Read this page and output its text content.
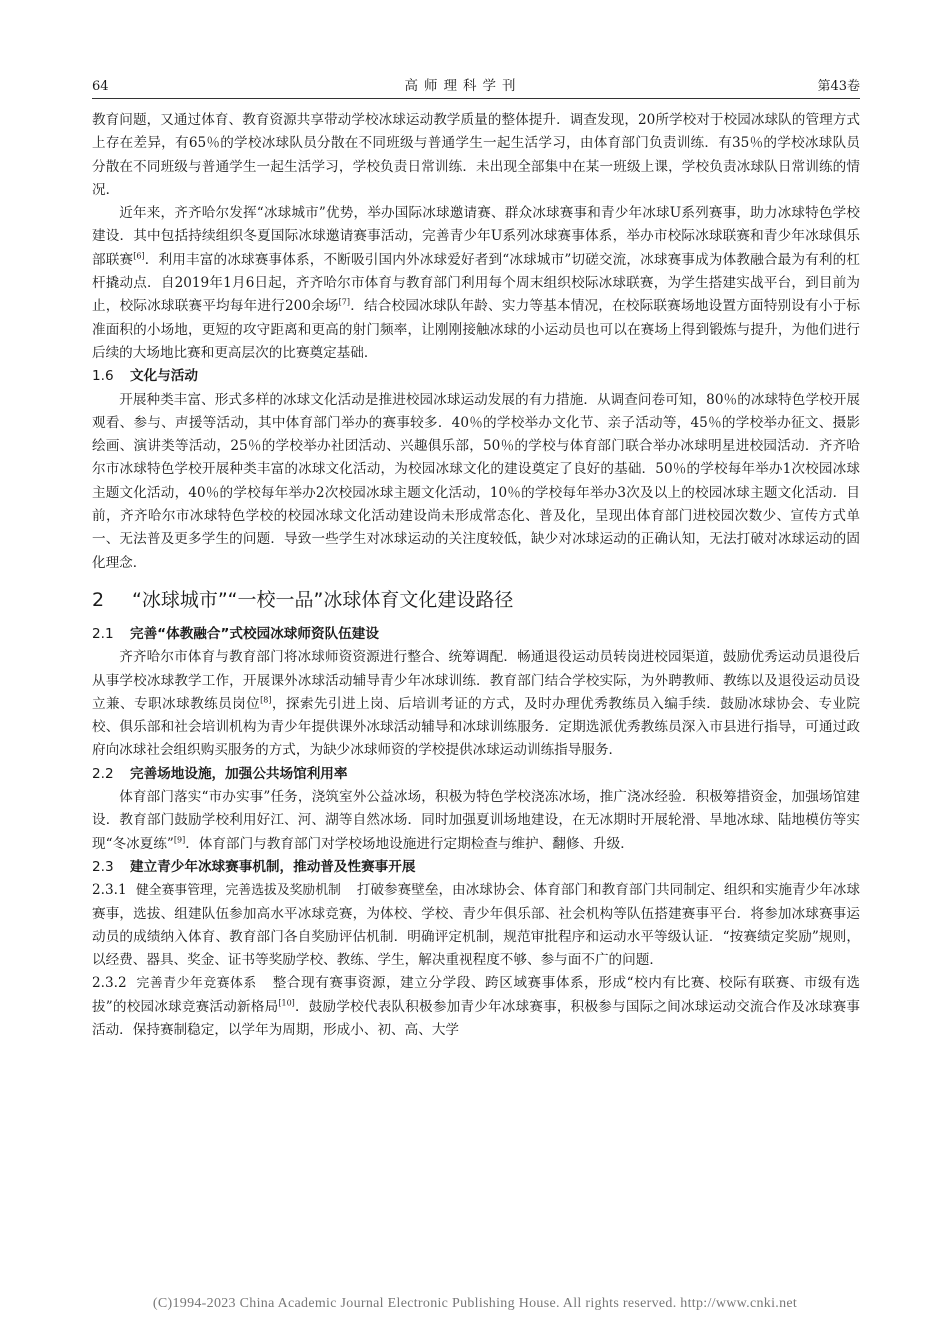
64	高师理科学刊	第43卷

教育问题，又通过体育、教育资源共享带动学校冰球运动教学质量的整体提升．调查发现，20所学校对于校园冰球队的管理方式上存在差异，有65％的学校冰球队员分散在不同班级与普通学生一起生活学习，由体育部门负责训练．有35％的学校冰球队员分散在不同班级与普通学生一起生活学习，学校负责日常训练．未出现全部集中在某一班级上课，学校负责冰球队日常训练的情况．

近年来，齐齐哈尔发挥“冰球城市”优势，举办国际冰球邀请赛、群众冰球赛事和青少年冰球U系列赛事，助力冰球特色学校建设．其中包括持续组织冬夏国际冰球邀请赛事活动，完善青少年U系列冰球赛事体系，举办市校际冰球联赛和青少年冰球俱乐部联赛[6]．利用丰富的冰球赛事体系，不断吸引国内外冰球爱好者到“冰球城市”切磋交流，冰球赛事成为体教融合最为有利的杠杆撬动点．自2019年1月6日起，齐齐哈尔市体育与教育部门利用每个周末组织校际冰球联赛，为学生搭建实战平台，到目前为止，校际冰球联赛平均每年进行200余场[7]．结合校园冰球队年龄、实力等基本情况，在校际联赛场地设置方面特别设有小于标准面积的小场地，更短的攻守距离和更高的射门频率，让刚刚接触冰球的小运动员也可以在赛场上得到锻炼与提升，为他们进行后续的大场地比赛和更高层次的比赛奠定基础．

1.6 文化与活动

开展种类丰富、形式多样的冰球文化活动是推进校园冰球运动发展的有力措施．从调查问卷可知，80％的冰球特色学校开展观看、参与、声援等活动，其中体育部门举办的赛事较多．40％的学校举办文化节、亲子活动等，45％的学校举办征文、摄影绘画、演讲类等活动，25％的学校举办社团活动、兴趣俱乐部，50％的学校与体育部门联合举办冰球明星进校园活动．齐齐哈尔市冰球特色学校开展种类丰富的冰球文化活动，为校园冰球文化的建设奠定了良好的基础．50％的学校每年举办1次校园冰球主题文化活动，40％的学校每年举办2次校园冰球主题文化活动，10％的学校每年举办3次及以上的校园冰球主题文化活动．目前，齐齐哈尔市冰球特色学校的校园冰球文化活动建设尚未形成常态化、普及化，呈现出体育部门进校园次数少、宣传方式单一、无法普及更多学生的问题．导致一些学生对冰球运动的关注度较低，缺少对冰球运动的正确认知，无法打破对冰球运动的固化理念．

2 “冰球城市”“一校一品”冰球体育文化建设路径

2.1 完善“体教融合”式校园冰球师资队伍建设

齐齐哈尔市体育与教育部门将冰球师资资源进行整合、统筹调配．畅通退役运动员转岗进校园渠道，鼓励优秀运动员退役后从事学校冰球教学工作，开展课外冰球活动辅导青少年冰球训练．教育部门结合学校实际，为外聘教师、教练以及退役运动员设立兼、专职冰球教练员岗位[8]，探索先引进上岗、后培训考证的方式，及时办理优秀教练员入编手续．鼓励冰球协会、专业院校、俱乐部和社会培训机构为青少年提供课外冰球活动辅导和冰球训练服务．定期选派优秀教练员深入市县进行指导，可通过政府向冰球社会组织购买服务的方式，为缺少冰球师资的学校提供冰球运动训练指导服务．

2.2 完善场地设施，加强公共场馆利用率

体育部门落实“市办实事”任务，浇筑室外公益冰场，积极为特色学校浇冻冰场，推广浇冰经验．积极筹措资金，加强场馆建设．教育部门鼓励学校利用好江、河、湖等自然冰场．同时加强夏训场地建设，在无冰期时开展轮滑、旱地冰球、陆地模仿等实现“冬冰夏练”[9]．体育部门与教育部门对学校场地设施进行定期检查与维护、翻修、升级．

2.3 建立青少年冰球赛事机制，推动普及性赛事开展

2.3.1 健全赛事管理，完善选拔及奖励机制 打破参赛壁垒，由冰球协会、体育部门和教育部门共同制定、组织和实施青少年冰球赛事，选拔、组建队伍参加高水平冰球竞赛，为体校、学校、青少年俱乐部、社会机构等队伍搭建赛事平台．将参加冰球赛事运动员的成绩纳入体育、教育部门各自奖励评估机制．明确评定机制，规范审批程序和运动水平等级认证．“按赛绩定奖励”规则，以经费、器具、奖金、证书等奖励学校、教练、学生，解决重视程度不够、参与面不广的问题．

2.3.2 完善青少年竞赛体系 整合现有赛事资源，建立分学段、跨区域赛事体系，形成“校内有比赛、校际有联赛、市级有选拔”的校园冰球竞赛活动新格局[10]．鼓励学校代表队积极参加青少年冰球赛事，积极参与国际之间冰球运动交流合作及冰球赛事活动．保持赛制稳定，以学年为周期，形成小、初、高、大学

(C)1994-2023 China Academic Journal Electronic Publishing House. All rights reserved. http://www.cnki.net
